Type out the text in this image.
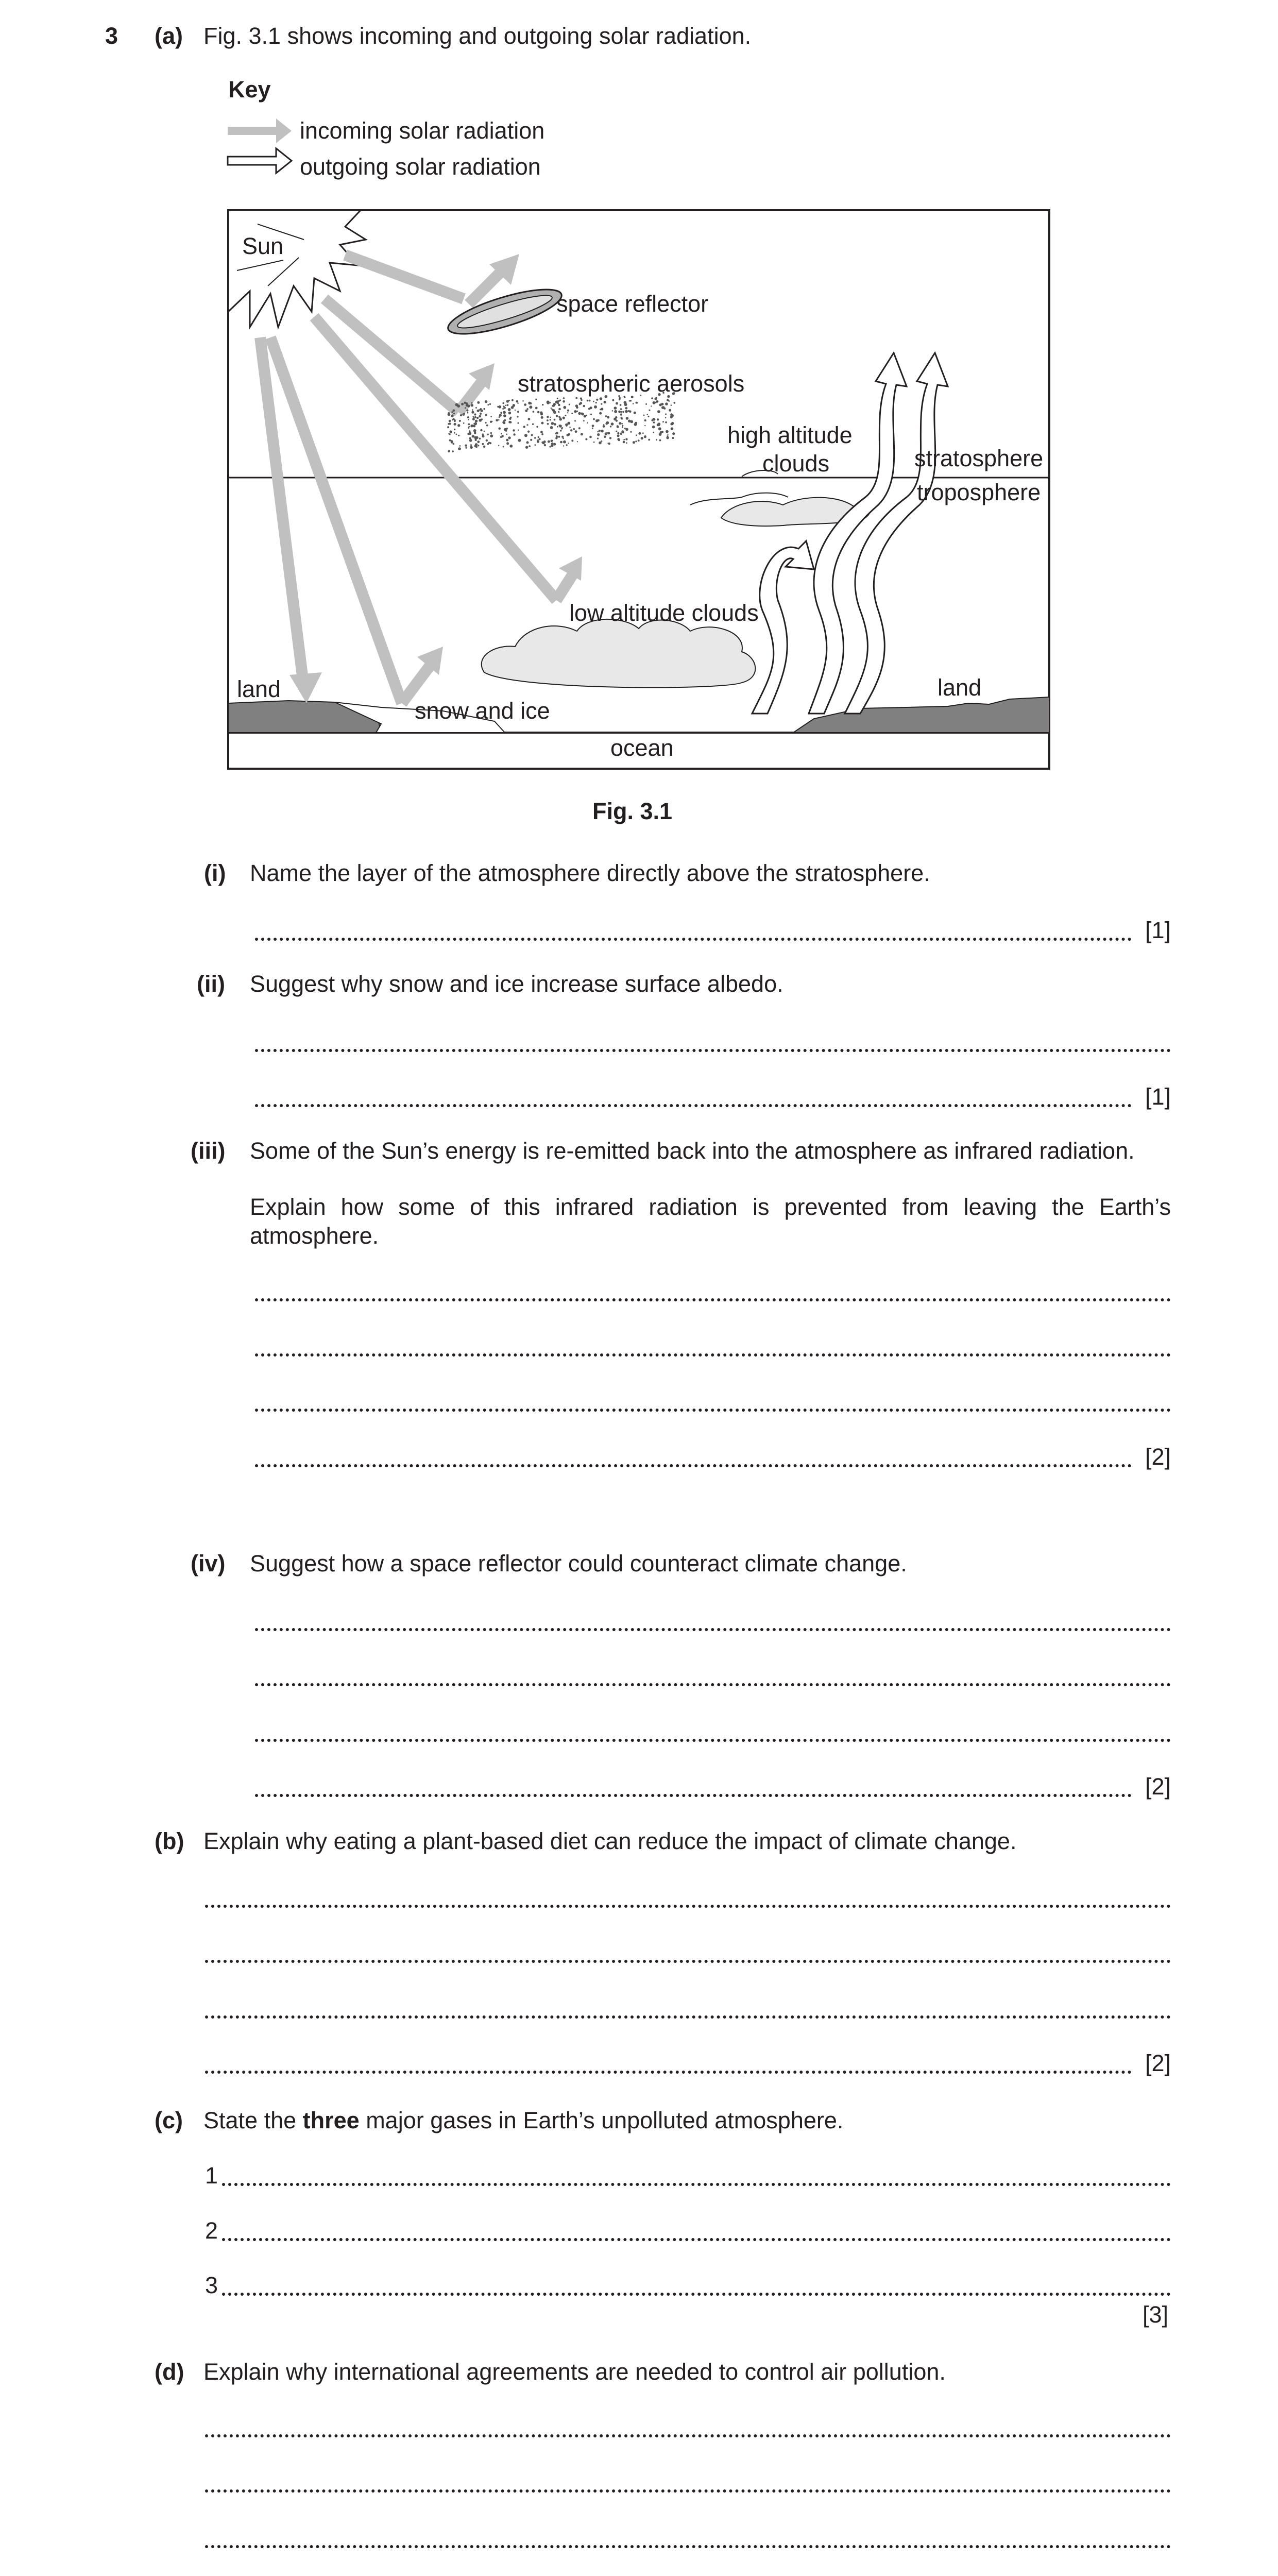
3 (a) Fig. 3.1 shows incoming and outgoing solar radiation.
Key
incoming solar radiation
outgoing solar radiation
Sun
space reflector
stratospheric aerosols
high altitude
clouds	stratosphere
troposphere
low altitude clouds
land
snow and ice
land
ocean
Fig. 3.1
(i) Name the layer of the atmosphere directly above the stratosphere.
[1]
(ii) Suggest why snow and ice increase surface albedo.
[1]
(iii) Some of the Sun’s energy is re-emitted back into the atmosphere as infrared radiation.
Explain how some of this infrared radiation is prevented from leaving the Earth’s atmosphere.
[2]
(iv) Suggest how a space reflector could counteract climate change.
[2]
(b) Explain why eating a plant-based diet can reduce the impact of climate change.
[2]
(c) State the three major gases in Earth’s unpolluted atmosphere.
1
2
3
[3]
(d) Explain why international agreements are needed to control air pollution.
